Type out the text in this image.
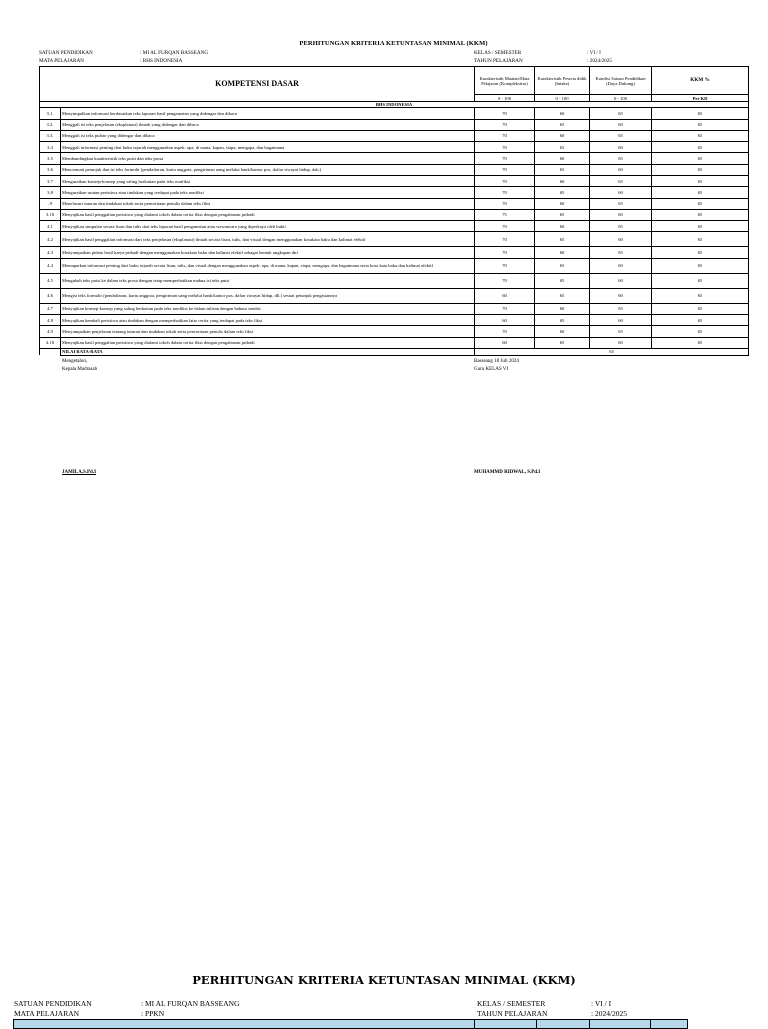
PERHITUNGAN KRITERIA KETUNTASAN MINIMAL (KKM)
SATUAN PENDIDIKAN	: MI AL FURQAN BASSEANG	KELAS / SEMESTER	: VI / I
MATA PELAJARAN	: BHS INDONESIA	TAHUN PELAJARAN	: 2024/2025
KOMPETENSI DASAR		Karakteristik Muatan/Mata Pelajaran (Kompleksitas)	Karakteristik Peserta didik (Intake)	Kondisi Satuan Pendidikan (Daya Dukung)	KKM %
		0 - 100	0 - 100	0 - 100	Per KD
BHS INDONESIA					
3.1.	Menyimpulkan informasi berdasarkan teks laporan hasil pengamatan yang didengar dan dibaca	70	60	65	65
3.2.	Menggali isi teks penjelasan (eksplanasi) ilmiah yang didengar dan dibaca	70	65	60	65
3.3.	Menggali isi teks pidato yang didengar dan dibaca	70	60	65	65
3.4	Menggali informasi penting dari buku sejarah menggunakan aspek: apa, di mana, kapan, siapa, mengapa, dan bagaimana	70	65	60	65
3.5	Membandingkan karakteristik teks puisi dan teks prosa	70	60	65	65
3.6	Mencermati petunjuk dan isi teks formulir (pendaftaran, kartu anggota, pengiriman uang melalui bank/kantor pos, daftar riwayat hidup, dsb.)	70	65	60	65
3.7	Menguraikan konsep-konsep yang saling berkaitan pada teks nonfiksi	70	60	65	65
3.8	Menguraikan urutan peristiwa atau tindakan yang terdapat pada teks nonfiksi	70	65	60	65
..9	Menelusuri tuturan dan tindakan tokoh serta penceritaan penulis dalam teks fiksi	70	60	65	65
3.10	Menyajikan hasil penggalian peristiwa yang dialami tokoh dalam cerita fiksi dengan pengalaman pribadi	75	65	60	65
4.1	Menyajikan simpulan secara lisan dan tulis dari teks laporan hasil pengamatan atau wawancara yang diperkaya oleh bukti	70	60	65	65
4.2	Menyajikan hasil penggalian informasi dari teks penjelasan (eksplanasi) ilmiah secara lisan, tulis, dan visual dengan menggunakan kosakata baku dan kalimat efektif	70	65	60	65
4.3	Menyampaikan pidato hasil karya pribadi dengan menggunakan kosakata baku dan kalimat efektif sebagai bentuk ungkapan diri	70	60	65	65
4.4	Memaparkan informasi penting dari buku sejarah secara lisan, tulis, dan visual dengan menggunakan aspek: apa, di mana, kapan, siapa, mengapa, dan bagaimana serta kosa kata baku dan kalimat efektif	70	65	60	65
4.5	Mengubah teks puisi ke dalam teks prosa dengan tetap memperhatikan makna isi teks puisi	70	65	60	65
4.6	Mengisi teks formulir (pendaftaran, kartu anggota, pengiriman uang melalui bank/kantor pos, daftar riwayat hidup, dll.) sesuai petunjuk pengisiannya	60	65	60	65
4.7	Menyajikan konsep-konsep yang saling berkaitan pada teks nonfiksi ke dalam tulisan dengan bahasa sendiri	70	60	65	65
4.8	Menyajikan kembali peristiwa atau tindakan dengan memperhatikan latar cerita yang terdapat pada teks fiksi	60	65	60	65
4.9	Menyampaikan penjelasan tentang tuturan dan tindakan tokoh serta penceritaan penulis dalam teks fiksi	70	60	65	65
4.10	Menyajikan hasil penggalian peristiwa yang dialami tokoh dalam cerita fiksi dengan pengalaman pribadi	60	65	60	65
	NILAI RATA-RATA	65			
Mengetahui,
Kepala Madrasah
Basseang 18 Juli 2024
Guru KELAS VI
JAMILA,S.Pd.I	MUHAMMD RIDWAL, S.Pd.I
PERHITUNGAN KRITERIA KETUNTASAN MINIMAL (KKM)
SATUAN PENDIDIKAN	: MI AL FURQAN BASSEANG	KELAS / SEMESTER	: VI / I
MATA PELAJARAN	: PPKN	TAHUN PELAJARAN	: 2024/2025
